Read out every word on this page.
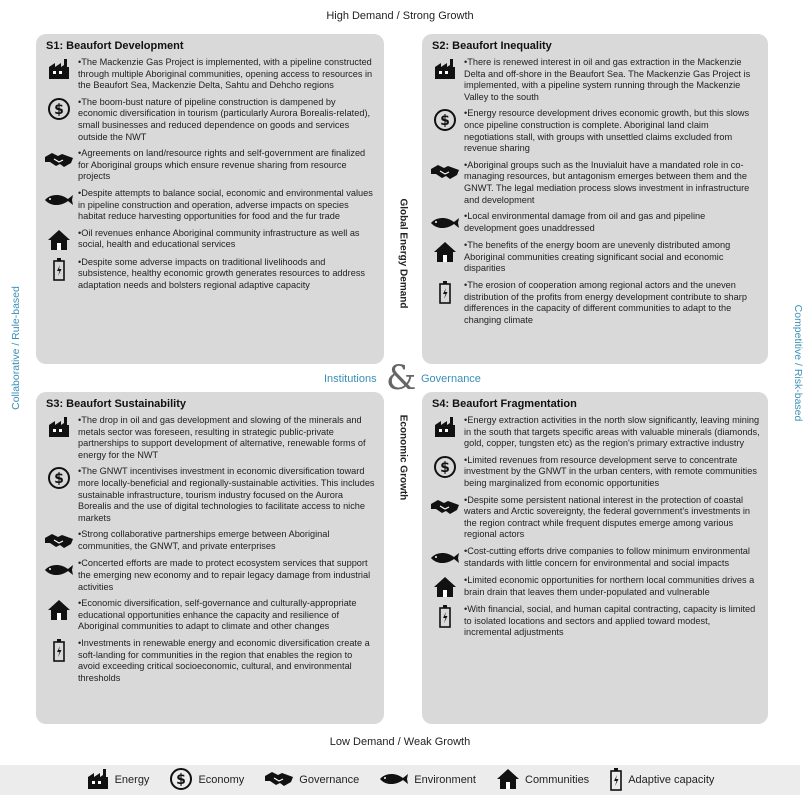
High Demand / Strong Growth
Low Demand / Weak Growth
Collaborative / Rule-based	Competitive / Risk-based
S1: Beaufort Development
• The Mackenzie Gas Project is implemented, with a pipeline constructed through multiple Aboriginal communities, opening access to resources in the Beaufort Sea, Mackenzie Delta, Sahtu and Dehcho regions
$	• The boom-bust nature of pipeline construction is dampened by economic diversification in tourism (particularly Aurora Borealis-related), small businesses and reduced dependence on goods and services outside the NWT
• Agreements on land/resource rights and self-government are finalized for Aboriginal groups which ensure revenue sharing from resource projects
• Despite attempts to balance social, economic and environmental values in pipeline construction and operation, adverse impacts on species habitat reduce harvesting opportunities for food and the fur trade
• Oil revenues enhance Aboriginal community infrastructure as well as social, health and educational services
• Despite some adverse impacts on traditional livelihoods and subsistence, healthy economic growth generates resources to address adaptation needs and bolsters regional adaptive capacity
S2: Beaufort Inequality
• There is renewed interest in oil and gas extraction in the Mackenzie Delta and off-shore in the Beaufort Sea. The Mackenzie Gas Project is implemented, with a pipeline system running through the Mackenzie Valley to the south
$	• Energy resource development drives economic growth, but this slows once pipeline construction is complete. Aboriginal land claim negotiations stall, with groups with unsettled claims excluded from revenue sharing
• Aboriginal groups such as the Inuvialuit have a mandated role in co-managing resources, but antagonism emerges between them and the GNWT. The legal mediation process slows investment in infrastructure and development
• Local environmental damage from oil and gas and pipeline development goes unaddressed
• The benefits of the energy boom are unevenly distributed among Aboriginal communities creating significant social and economic disparities
• The erosion of cooperation among regional actors and the uneven distribution of the profits from energy development contribute to sharp differences in the capacity of different communities to adapt to the changing climate
S3: Beaufort Sustainability
• The drop in oil and gas development and slowing of the minerals and metals sector was foreseen, resulting in strategic public-private partnerships to support development of alternative, renewable forms of energy for the NWT
$	• The GNWT incentivises investment in economic diversification toward more locally-beneficial and regionally-sustainable activities. This includes sustainable infrastructure, tourism industry focused on the Aurora Borealis and the use of digital technologies to facilitate access to niche markets
• Strong collaborative partnerships emerge between Aboriginal communities, the GNWT, and private enterprises
• Concerted efforts are made to protect ecosystem services that support the emerging new economy and to repair legacy damage from industrial activities
• Economic diversification, self-governance and culturally-appropriate educational opportunities enhance the capacity and resilience of Aboriginal communities to adapt to climate and other changes
• Investments in renewable energy and economic diversification create a soft-landing for communities in the region that enables the region to avoid exceeding critical socioeconomic, cultural, and environmental thresholds
S4: Beaufort Fragmentation
• Energy extraction activities in the north slow significantly, leaving mining in the south that targets specific areas with valuable minerals (diamonds, gold, copper, tungsten etc) as the region's primary extractive industry
$	• Limited revenues from resource development serve to concentrate investment by the GNWT in the urban centers, with remote communities being marginalized from economic opportunities
• Despite some persistent national interest in the protection of coastal waters and Arctic sovereignty, the federal government's investments in the region contract while frequent disputes emerge among various regional actors
• Cost-cutting efforts drive companies to follow minimum environmental standards with little concern for environmental and social impacts
• Limited economic opportunities for northern local communities drives a brain drain that leaves them under-populated and vulnerable
• With financial, social, and human capital contracting, capacity is limited to isolated locations and sectors and applied toward modest, incremental adjustments
Global Energy Demand
Economic Growth
Institutions	Governance
&
Energy $ Economy	Governance	Environment	Communities	Adaptive capacity
